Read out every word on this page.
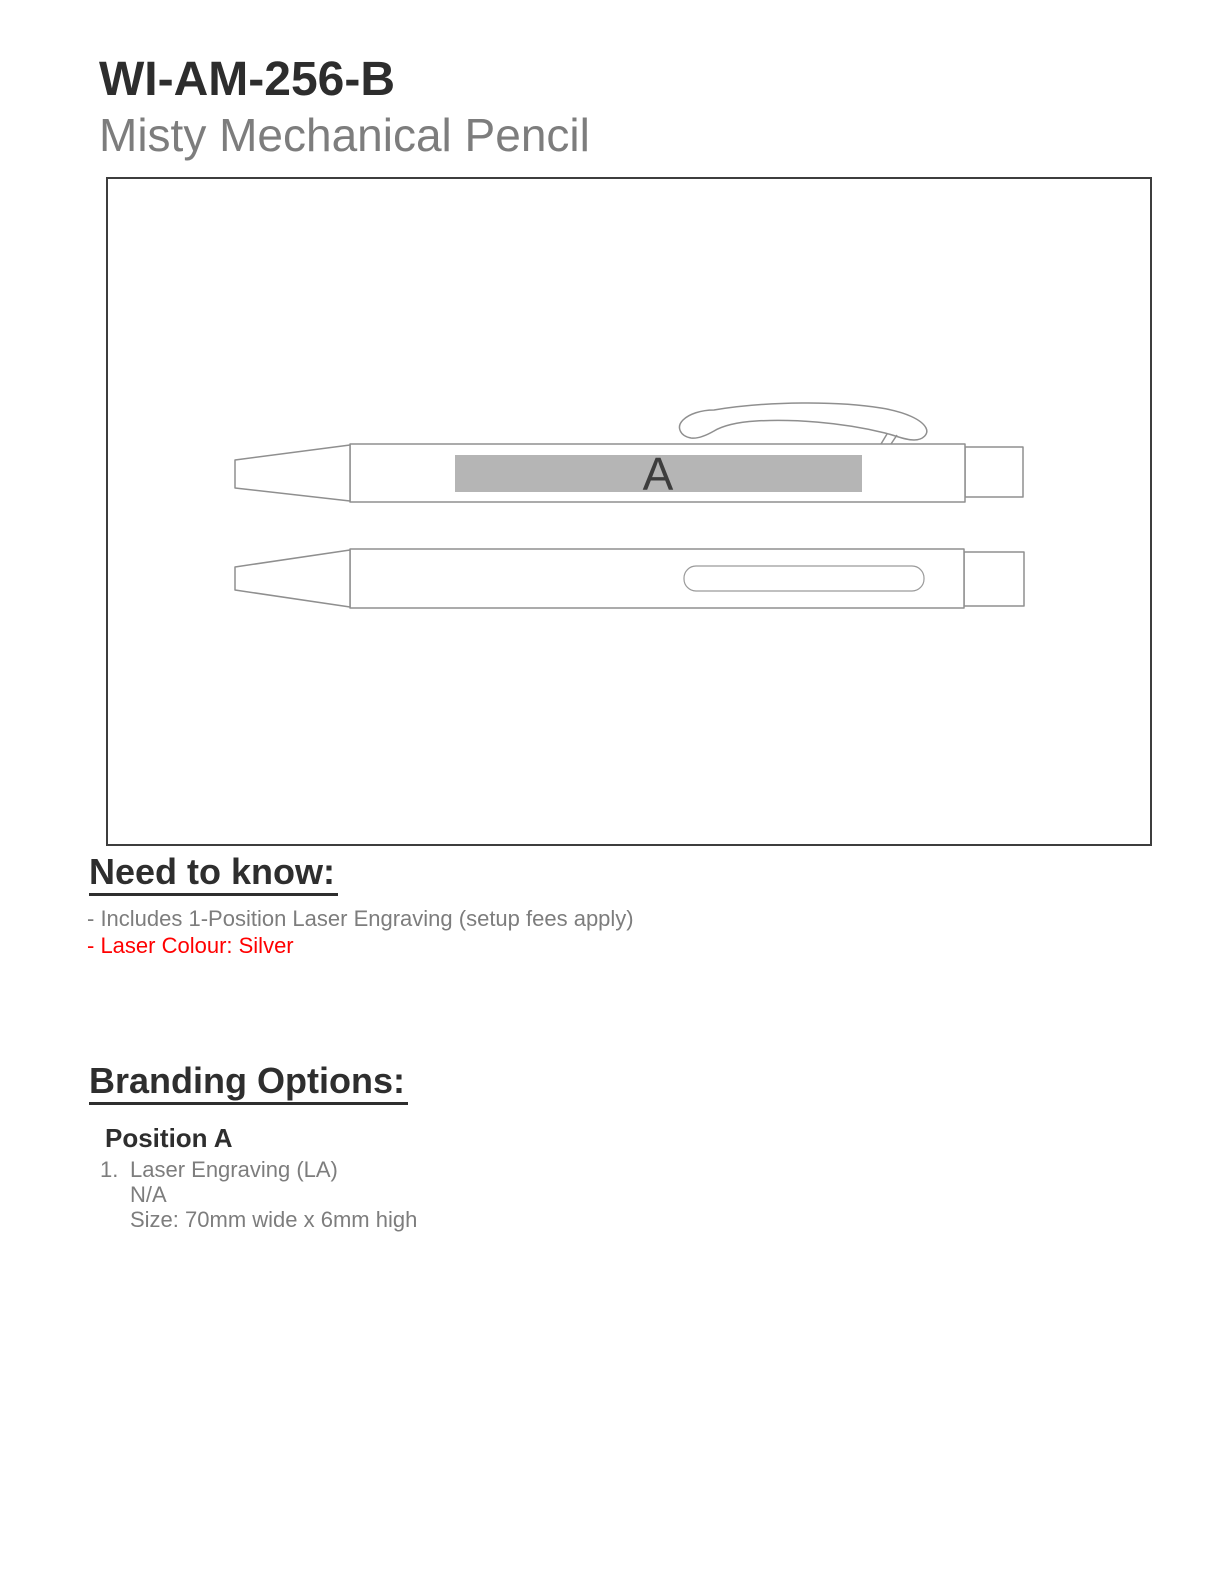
WI-AM-256-B
Misty Mechanical Pencil
A
Need to know:
- Includes 1-Position Laser Engraving (setup fees apply)
- Laser Colour: Silver
Branding Options:
Position A
1. Laser Engraving (LA)
N/A
Size: 70mm wide x 6mm high
